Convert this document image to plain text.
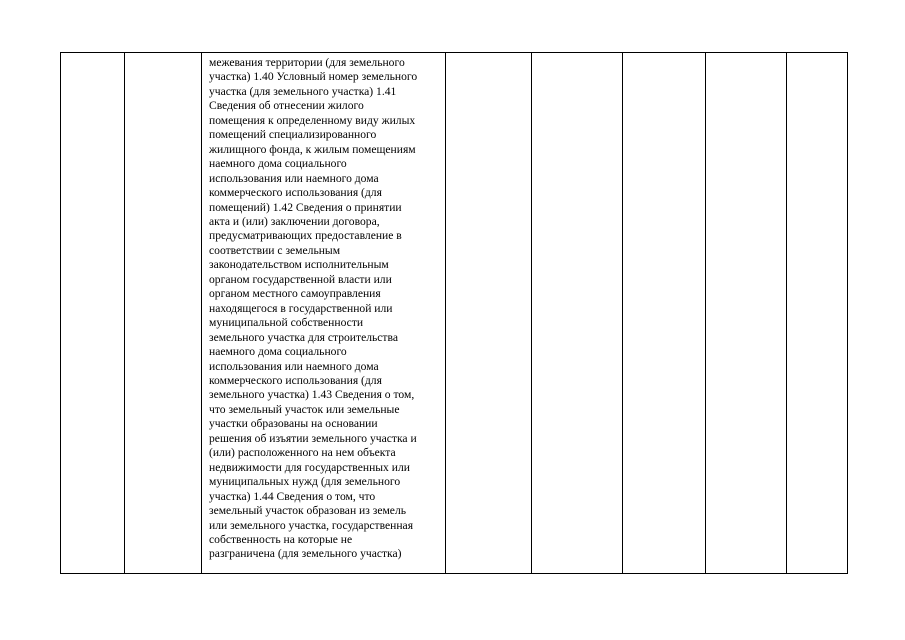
межевания территории (для земельного
участка) 1.40 Условный номер земельного
участка (для земельного участка) 1.41
Сведения об отнесении жилого
помещения к определенному виду жилых
помещений специализированного
жилищного фонда, к жилым помещениям
наемного дома социального
использования или наемного дома
коммерческого использования (для
помещений) 1.42 Сведения о принятии
акта и (или) заключении договора,
предусматривающих предоставление в
соответствии с земельным
законодательством исполнительным
органом государственной власти или
органом местного самоуправления
находящегося в государственной или
муниципальной собственности
земельного участка для строительства
наемного дома социального
использования или наемного дома
коммерческого использования (для
земельного участка) 1.43 Сведения о том,
что земельный участок или земельные
участки образованы на основании
решения об изъятии земельного участка и
(или) расположенного на нем объекта
недвижимости для государственных или
муниципальных нужд (для земельного
участка) 1.44 Сведения о том, что
земельный участок образован из земель
или земельного участка, государственная
собственность на которые не
разграничена (для земельного участка)
